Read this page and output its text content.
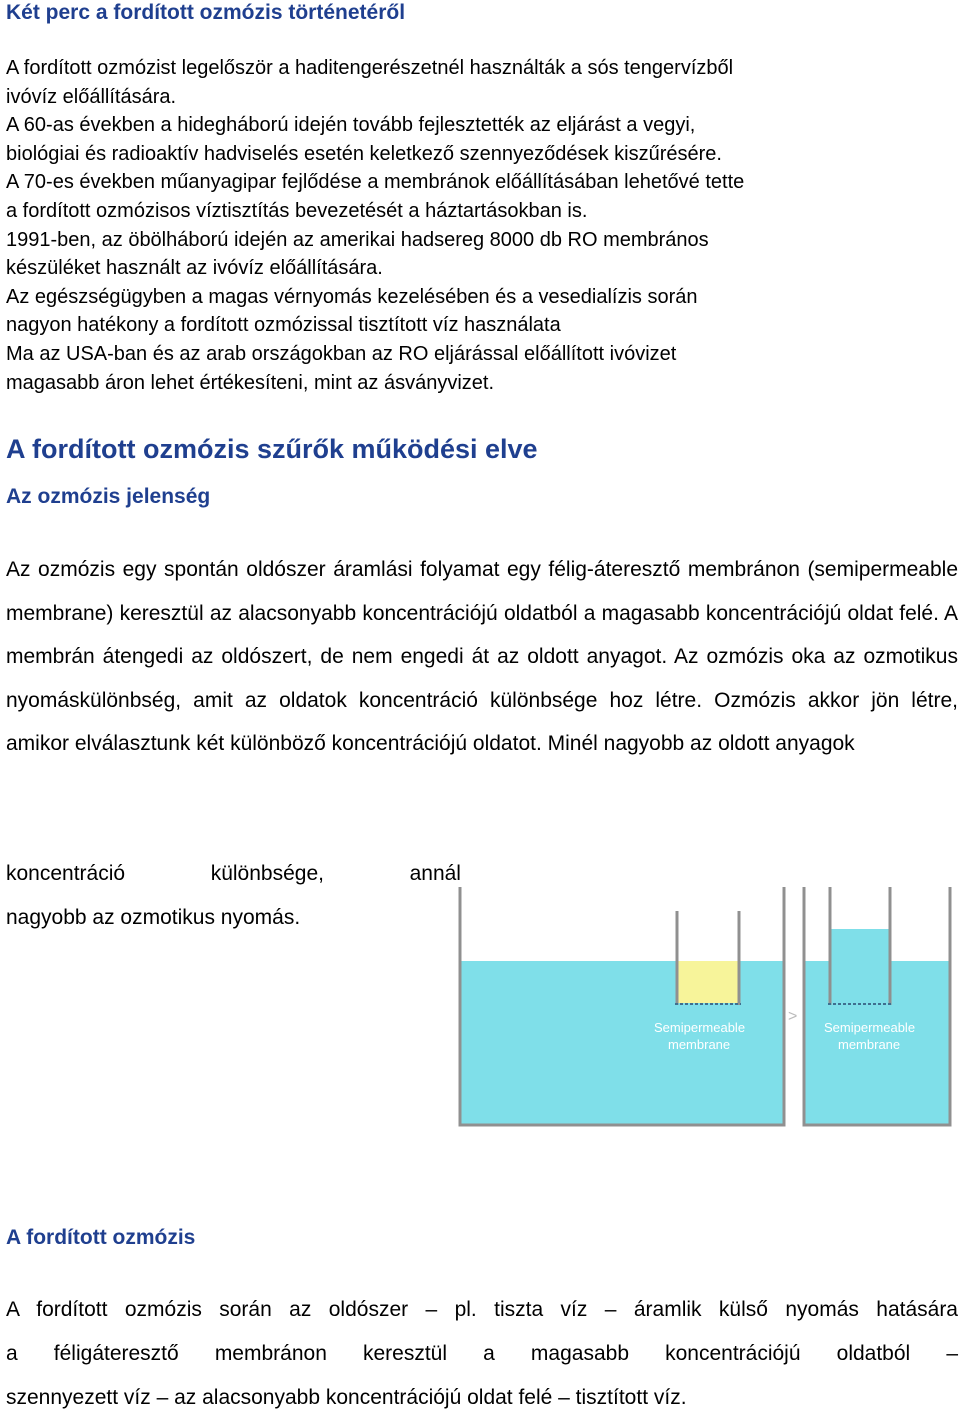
Két perc a fordított ozmózis történetéről

A fordított ozmózist legelőször a haditengerészetnél használták a sós tengervízből

ivóvíz előállítására.

A 60-as években a hidegháború idején tovább fejlesztették az eljárást a vegyi,

biológiai és radioaktív hadviselés esetén keletkező szennyeződések kiszűrésére.

A 70-es években műanyagipar fejlődése a membránok előállításában lehetővé tette

a fordított ozmózisos víztisztítás bevezetését a háztartásokban is.

1991-ben, az öbölháború idején az amerikai hadsereg 8000 db RO membrános

készüléket használt az ivóvíz előállítására.

Az egészségügyben a magas vérnyomás kezelésében és a vesedialízis során

nagyon hatékony a fordított ozmózissal tisztított víz használata

Ma az USA-ban és az arab országokban az RO eljárással előállított ivóvizet

magasabb áron lehet értékesíteni, mint az ásványvizet.

A fordított ozmózis szűrők működési elve
Az ozmózis jelenség

Az ozmózis egy spontán oldószer áramlási folyamat egy félig-áteresztő membránon (semipermeable membrane) keresztül az alacsonyabb koncentrációjú oldatból a magasabb koncentrációjú oldat felé. A membrán átengedi az oldószert, de nem engedi át az oldott anyagot. Az ozmózis oka az ozmotikus nyomáskülönbség, amit az oldatok koncentráció különbsége hoz létre. Ozmózis akkor jön létre, amikor elválasztunk két különböző koncentrációjú oldatot. Minél nagyobb az oldott anyagok

koncentráció	különbsége,	annál
nagyobb az ozmotikus nyomás.
A fordított ozmózis
A fordított ozmózis során az oldószer – pl. tiszta víz – áramlik külső nyomás hatására
a féligáteresztő membránon keresztül a magasabb koncentrációjú oldatból –
szennyezett víz – az alacsonyabb koncentrációjú oldat felé – tisztított víz.
Semipermeable
membrane
>
Semipermeable
membrane
